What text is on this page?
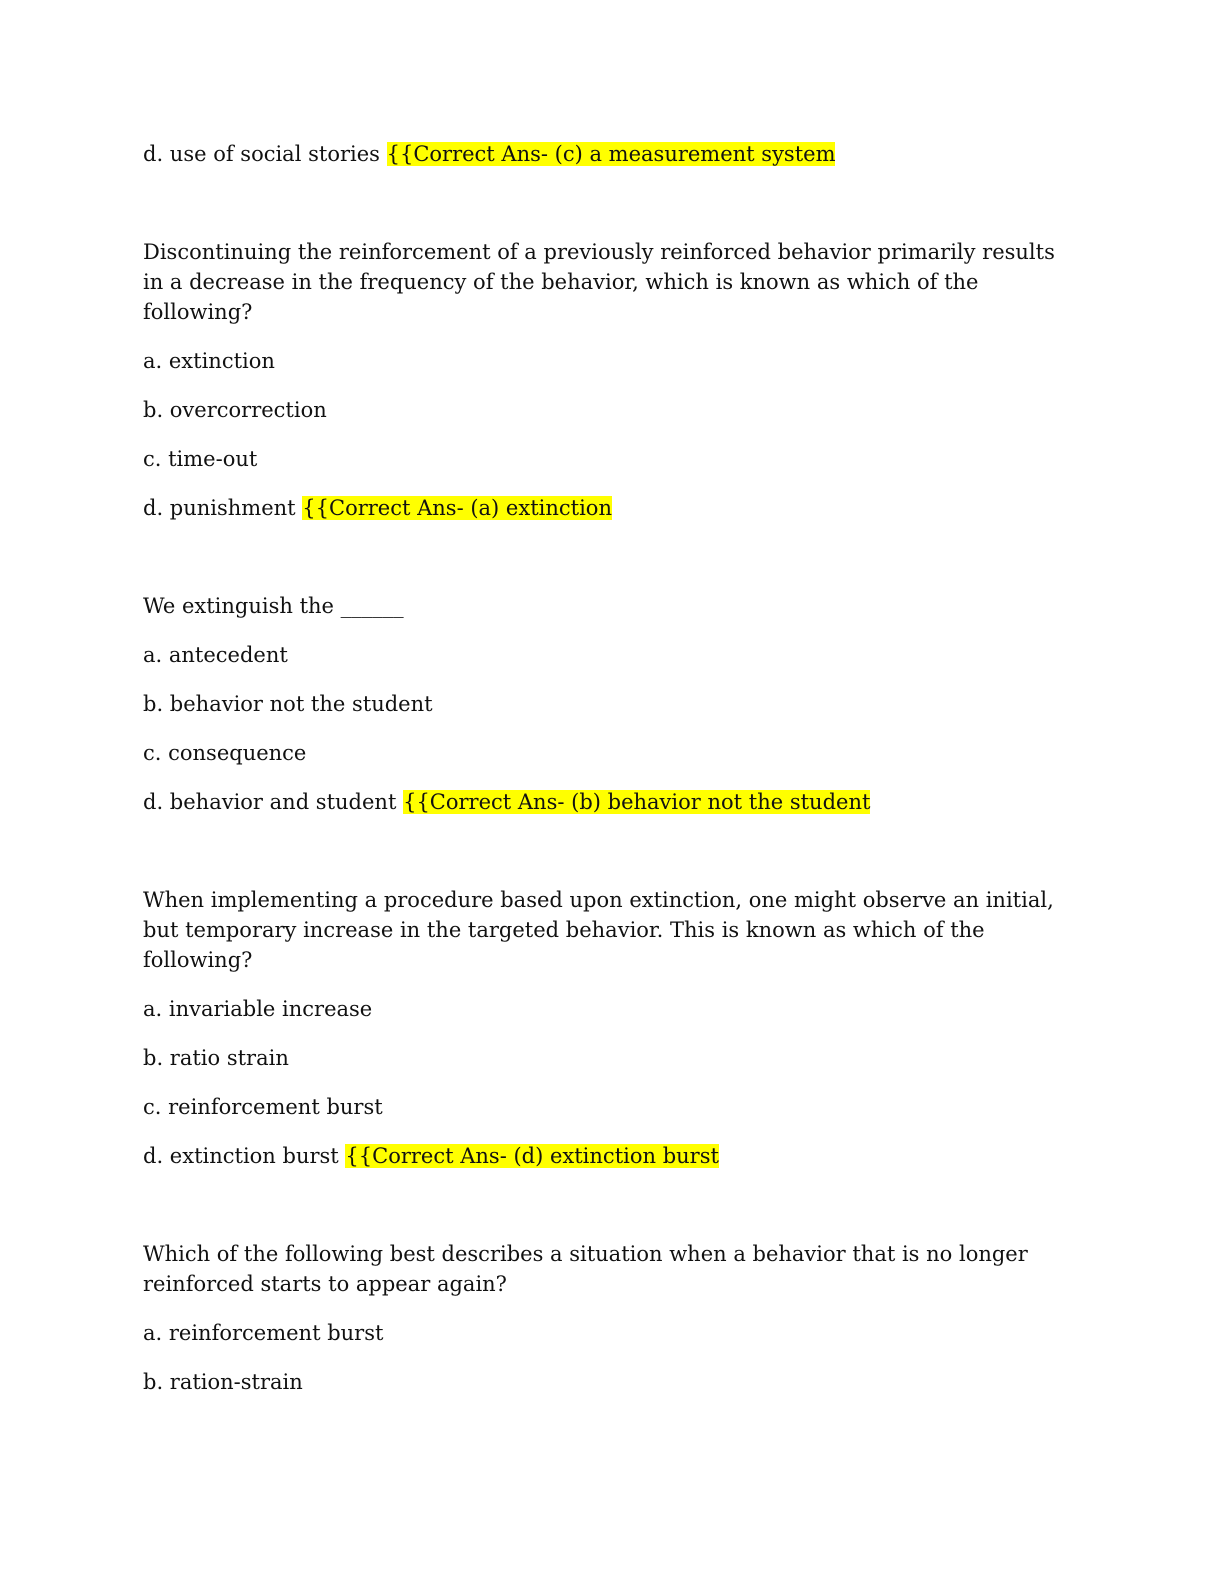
d. use of social stories {{Correct Ans- (c) a measurement system

Discontinuing the reinforcement of a previously reinforced behavior primarily results in a decrease in the frequency of the behavior, which is known as which of the following?

a. extinction

b. overcorrection

c. time-out

d. punishment {{Correct Ans- (a) extinction

We extinguish the ______

a. antecedent

b. behavior not the student

c. consequence

d. behavior and student {{Correct Ans- (b) behavior not the student

When implementing a procedure based upon extinction, one might observe an initial, but temporary increase in the targeted behavior. This is known as which of the following?

a. invariable increase

b. ratio strain

c. reinforcement burst

d. extinction burst {{Correct Ans- (d) extinction burst

Which of the following best describes a situation when a behavior that is no longer reinforced starts to appear again?

a. reinforcement burst

b. ration-strain
